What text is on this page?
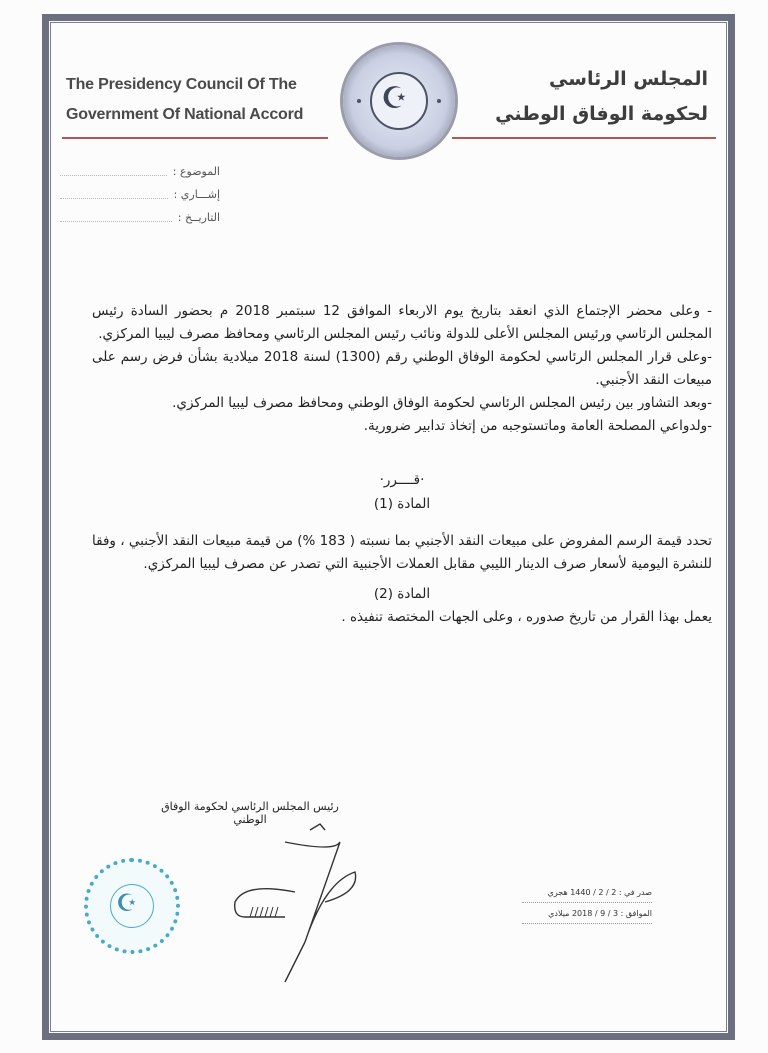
The Presidency Council Of The
Government Of National Accord	☪
المجلس الرئاسي
لحكومة الوفاق الوطني
الموضوع :
إشـــاري :
التاريــخ :

- وعلى محضر الإجتماع الذي انعقد بتاريخ يوم الاربعاء الموافق 12 سبتمبر 2018 م بحضور السادة رئيس المجلس الرئاسي ورئيس المجلس الأعلى للدولة ونائب رئيس المجلس الرئاسي ومحافظ مصرف ليبيا المركزي.

-وعلى قرار المجلس الرئاسي لحكومة الوفاق الوطني رقم (1300) لسنة 2018 ميلادية بشأن فرض رسم على مبيعات النقد الأجنبي.

-وبعد التشاور بين رئيس المجلس الرئاسي لحكومة الوفاق الوطني ومحافظ مصرف ليبيا المركزي.

-ولدواعي المصلحة العامة وماتستوجبه من إتخاذ تدابير ضرورية.

·قــــرر·

المادة (1)

تحدد قيمة الرسم المفروض على مبيعات النقد الأجنبي بما نسبته ( 183 %) من قيمة مبيعات النقد الأجنبي ، وفقا للنشرة اليومية لأسعار صرف الدينار الليبي مقابل العملات الأجنبية التي تصدر عن مصرف ليبيا المركزي.

المادة (2)

يعمل بهذا القرار من تاريخ صدوره ، وعلى الجهات المختصة تنفيذه .

رئيس المجلس الرئاسي لحكومة الوفاق الوطني
☪	صدر في : 2 / 2 / 1440 هجري
الموافق : 3 / 9 / 2018 ميلادي
